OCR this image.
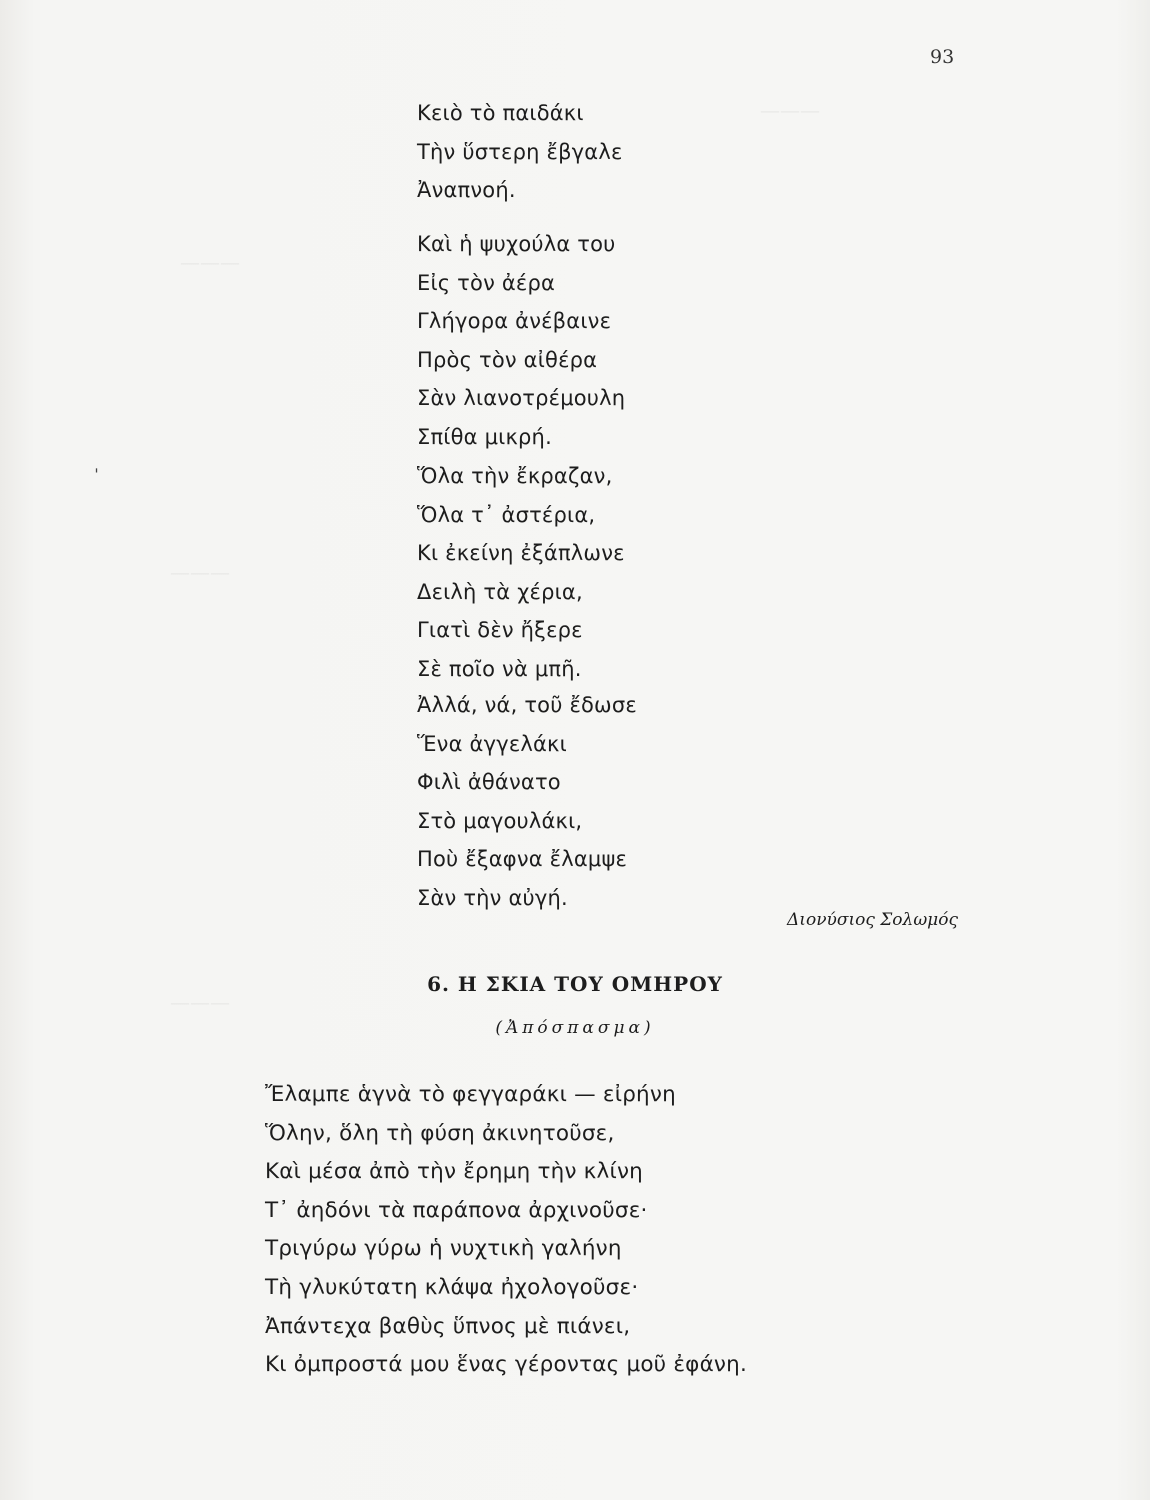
———
———
———
———
ˈ
93
Κειὸ τὸ παιδάκι
Τὴν ὕστερη ἔβγαλε
Ἀναπνοή.
Καὶ ἡ ψυχούλα του
Εἰς τὸν ἀέρα
Γλήγορα ἀνέβαινε
Πρὸς τὸν αἰθέρα
Σὰν λιανοτρέμουλη
Σπίθα μικρή.
Ὅλα τὴν ἔκραζαν,
Ὅλα τ᾽ ἀστέρια,
Κι ἐκείνη ἐξάπλωνε
Δειλὴ τὰ χέρια,
Γιατὶ δὲν ἤξερε
Σὲ ποῖο νὰ μπῆ.
Ἀλλά, νά, τοῦ ἔδωσε
Ἕνα ἀγγελάκι
Φιλὶ ἀθάνατο
Στὸ μαγουλάκι,
Ποὺ ἔξαφνα ἔλαμψε
Σὰν τὴν αὐγή.
Διονύσιος Σολωμός
6. Η ΣΚΙΑ ΤΟΥ ΟΜΗΡΟΥ
(Ἀπόσπασμα)
Ἔλαμπε ἁγνὰ τὸ φεγγαράκι — εἰρήνη
Ὅλην, ὅλη τὴ φύση ἀκινητοῦσε,
Καὶ μέσα ἀπὸ τὴν ἔρημη τὴν κλίνη
Τ᾽ ἀηδόνι τὰ παράπονα ἀρχινοῦσε·
Τριγύρω γύρω ἡ νυχτικὴ γαλήνη
Τὴ γλυκύτατη κλάψα ἠχολογοῦσε·
Ἀπάντεχα βαθὺς ὕπνος μὲ πιάνει,
Κι ὀμπροστά μου ἕνας γέροντας μοῦ ἐφάνη.
